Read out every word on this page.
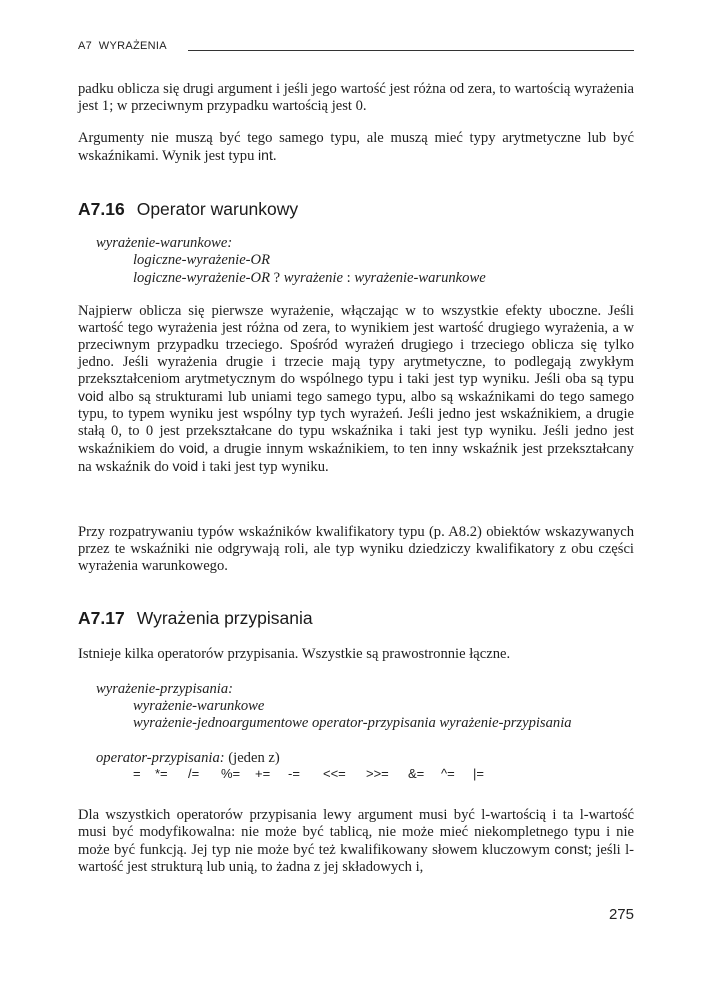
A7 WYRAŻENIA

padku oblicza się drugi argument i jeśli jego wartość jest różna od zera, to wartością wyrażenia jest 1; w przeciwnym przypadku wartością jest 0.

Argumenty nie muszą być tego samego typu, ale muszą mieć typy arytmetyczne lub być wskaźnikami. Wynik jest typu int.

A7.16 Operator warunkowy
wyrażenie-warunkowe:
logiczne-wyrażenie-OR
logiczne-wyrażenie-OR ? wyrażenie : wyrażenie-warunkowe

Najpierw oblicza się pierwsze wyrażenie, włączając w to wszystkie efekty uboczne. Jeśli wartość tego wyrażenia jest różna od zera, to wynikiem jest wartość drugiego wyrażenia, a w przeciwnym przypadku trzeciego. Spośród wyrażeń drugiego i trzeciego oblicza się tylko jedno. Jeśli wyrażenia drugie i trzecie mają typy arytmetyczne, to podlegają zwykłym przekształceniom arytmetycznym do wspólnego typu i taki jest typ wyniku. Jeśli oba są typu void albo są strukturami lub uniami tego samego typu, albo są wskaźnikami do tego samego typu, to typem wyniku jest wspólny typ tych wyrażeń. Jeśli jedno jest wskaźnikiem, a drugie stałą 0, to 0 jest przekształcane do typu wskaźnika i taki jest typ wyniku. Jeśli jedno jest wskaźnikiem do void, a drugie innym wskaźnikiem, to ten inny wskaźnik jest przekształcany na wskaźnik do void i taki jest typ wyniku.

Przy rozpatrywaniu typów wskaźników kwalifikatory typu (p. A8.2) obiektów wskazywanych przez te wskaźniki nie odgrywają roli, ale typ wyniku dziedziczy kwalifikatory z obu części wyrażenia warunkowego.

A7.17 Wyrażenia przypisania

Istnieje kilka operatorów przypisania. Wszystkie są prawostronnie łączne.

wyrażenie-przypisania:
wyrażenie-warunkowe
wyrażenie-jednoargumentowe operator-przypisania wyrażenie-przypisania
operator-przypisania: (jeden z)
= *= /= %= += -= <<= >>= &= ^= |=

Dla wszystkich operatorów przypisania lewy argument musi być l-wartością i ta l-wartość musi być modyfikowalna: nie może być tablicą, nie może mieć niekompletnego typu i nie może być funkcją. Jej typ nie może być też kwalifikowany słowem kluczowym const; jeśli l-wartość jest strukturą lub unią, to żadna z jej składowych i,

275
